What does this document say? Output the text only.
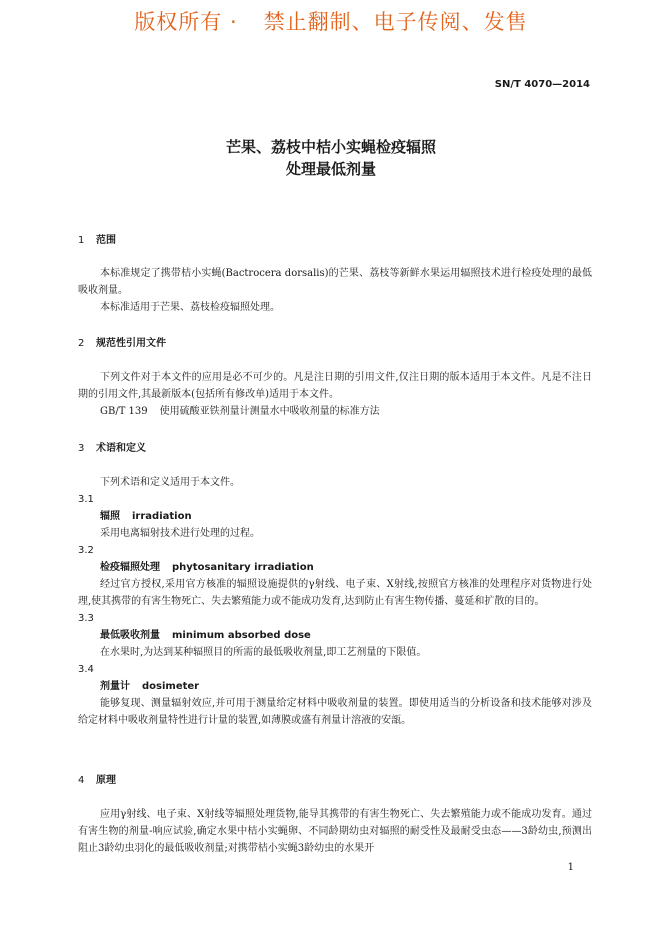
版权所有 · 禁止翻制、电子传阅、发售
SN/T 4070—2014
芒果、荔枝中桔小实蝇检疫辐照
处理最低剂量
1 范围
本标准规定了携带桔小实蝇(Bactrocera dorsalis)的芒果、荔枝等新鲜水果运用辐照技术进行检疫处理的最低吸收剂量。
本标准适用于芒果、荔枝检疫辐照处理。
2 规范性引用文件
下列文件对于本文件的应用是必不可少的。凡是注日期的引用文件,仅注日期的版本适用于本文件。凡是不注日期的引用文件,其最新版本(包括所有修改单)适用于本文件。
GB/T 139 使用硫酸亚铁剂量计测量水中吸收剂量的标准方法
3 术语和定义
下列术语和定义适用于本文件。
3.1
辐照 irradiation
采用电离辐射技术进行处理的过程。
3.2
检疫辐照处理 phytosanitary irradiation
经过官方授权,采用官方核准的辐照设施提供的γ射线、电子束、X射线,按照官方核准的处理程序对货物进行处理,使其携带的有害生物死亡、失去繁殖能力或不能成功发育,达到防止有害生物传播、蔓延和扩散的目的。
3.3
最低吸收剂量 minimum absorbed dose
在水果时,为达到某种辐照目的所需的最低吸收剂量,即工艺剂量的下限值。
3.4
剂量计 dosimeter
能够复现、测量辐射效应,并可用于测量给定材料中吸收剂量的装置。即使用适当的分析设备和技术能够对涉及给定材料中吸收剂量特性进行计量的装置,如薄膜或盛有剂量计溶液的安瓿。
4 原理
应用γ射线、电子束、X射线等辐照处理货物,能导其携带的有害生物死亡、失去繁殖能力或不能成功发育。通过有害生物的剂量-响应试验,确定水果中桔小实蝇卵、不同龄期幼虫对辐照的耐受性及最耐受虫态——3龄幼虫,预测出阻止3龄幼虫羽化的最低吸收剂量;对携带桔小实蝇3龄幼虫的水果开
1
